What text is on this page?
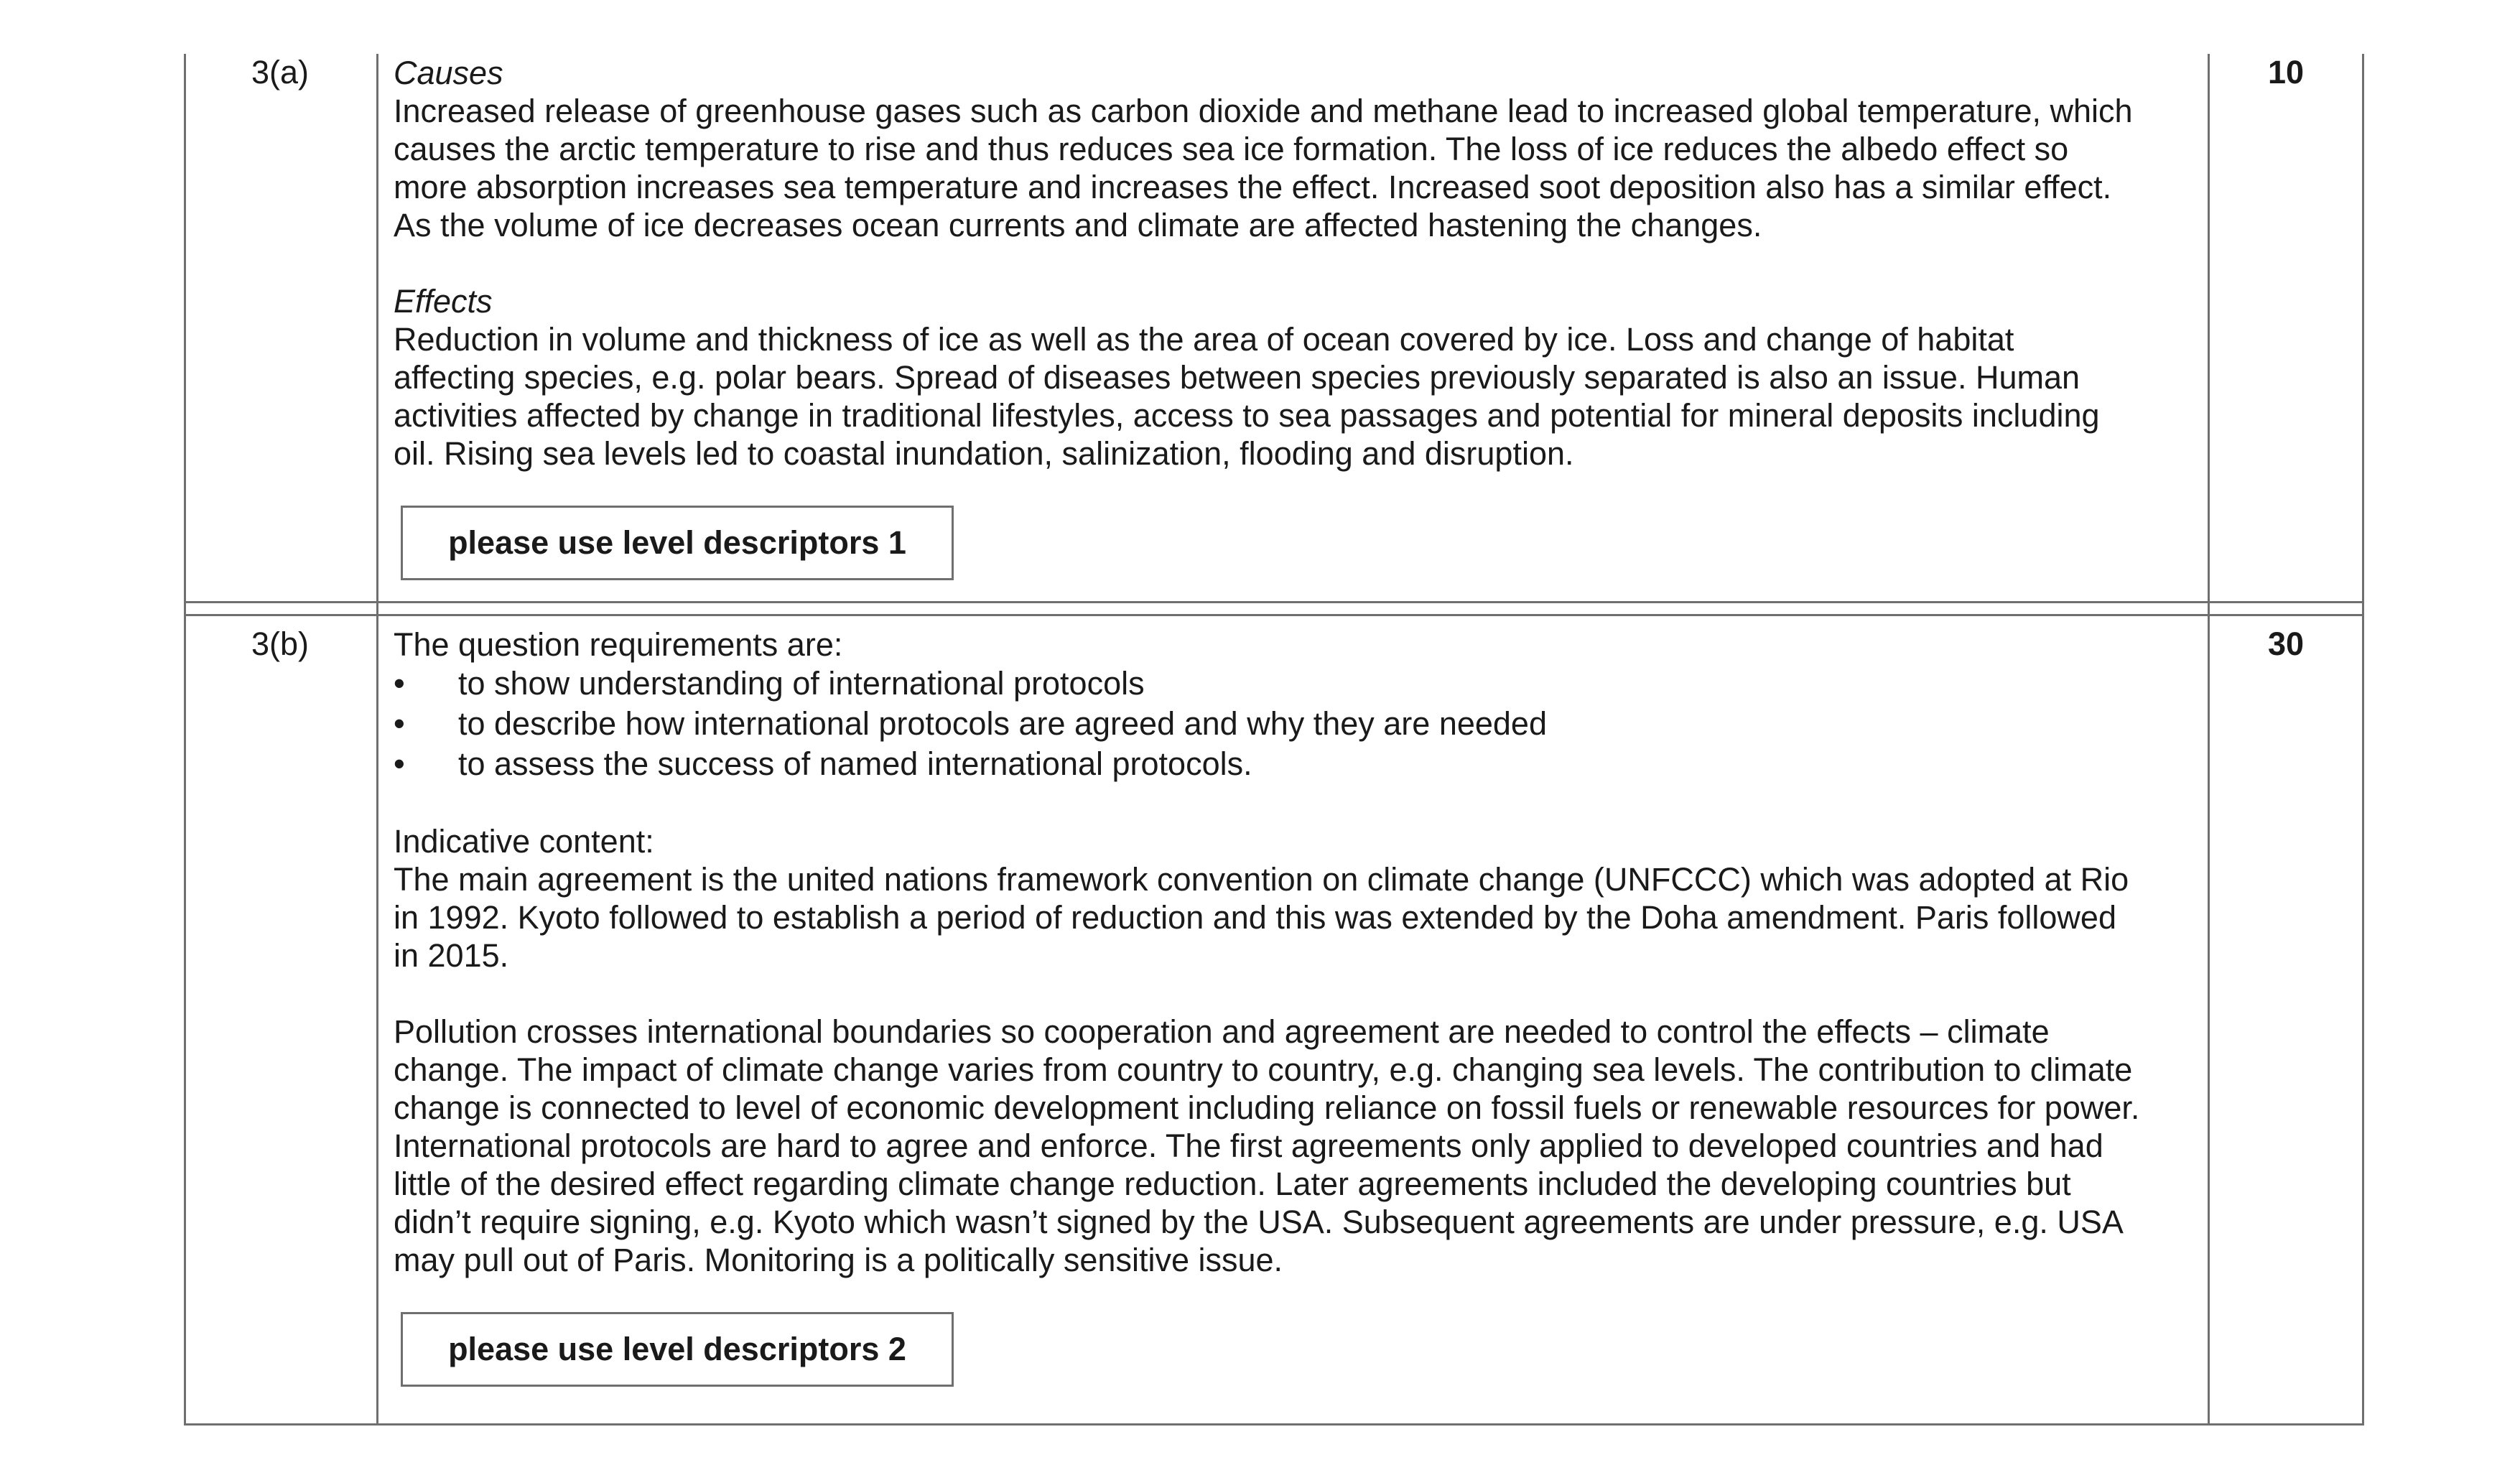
3(a)	10

Causes

Increased release of greenhouse gases such as carbon dioxide and methane lead to increased global temperature, which

causes the arctic temperature to rise and thus reduces sea ice formation. The loss of ice reduces the albedo effect so

more absorption increases sea temperature and increases the effect. Increased soot deposition also has a similar effect.

As the volume of ice decreases ocean currents and climate are affected hastening the changes.

Effects

Reduction in volume and thickness of ice as well as the area of ocean covered by ice. Loss and change of habitat

affecting species, e.g. polar bears. Spread of diseases between species previously separated is also an issue. Human

activities affected by change in traditional lifestyles, access to sea passages and potential for mineral deposits including

oil. Rising sea levels led to coastal inundation, salinization, flooding and disruption.

please use level descriptors 1
3(b)	30

The question requirements are:

• to show understanding of international protocols
• to describe how international protocols are agreed and why they are needed
• to assess the success of named international protocols.

Indicative content:

The main agreement is the united nations framework convention on climate change (UNFCCC) which was adopted at Rio

in 1992. Kyoto followed to establish a period of reduction and this was extended by the Doha amendment. Paris followed

in 2015.

Pollution crosses international boundaries so cooperation and agreement are needed to control the effects – climate

change. The impact of climate change varies from country to country, e.g. changing sea levels. The contribution to climate

change is connected to level of economic development including reliance on fossil fuels or renewable resources for power.

International protocols are hard to agree and enforce. The first agreements only applied to developed countries and had

little of the desired effect regarding climate change reduction. Later agreements included the developing countries but

didn’t require signing, e.g. Kyoto which wasn’t signed by the USA. Subsequent agreements are under pressure, e.g. USA

may pull out of Paris. Monitoring is a politically sensitive issue.

please use level descriptors 2
